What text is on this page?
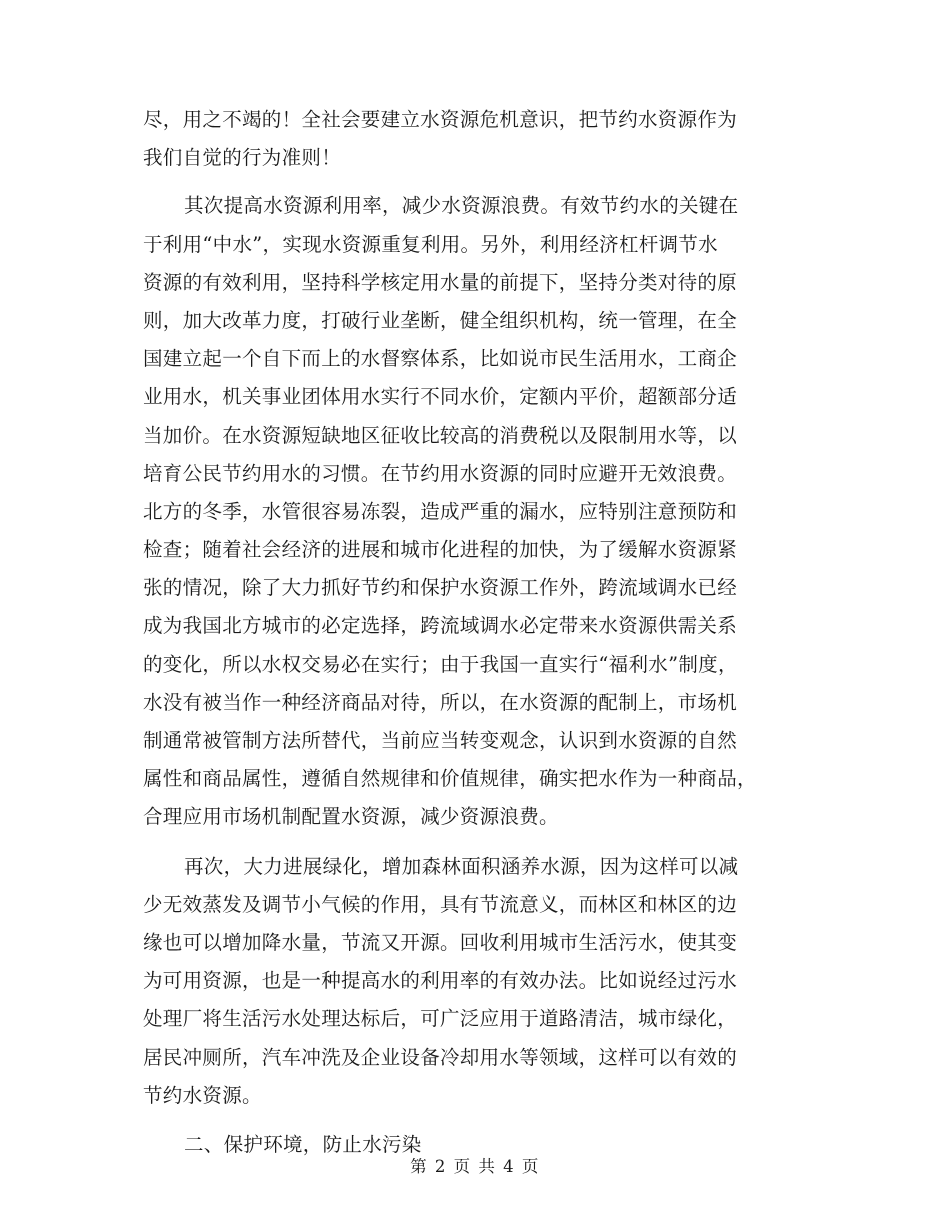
尽，用之不竭的！全社会要建立水资源危机意识，把节约水资源作为
我们自觉的行为准则！
其次提高水资源利用率，减少水资源浪费。有效节约水的关键在
于利用“中水”，实现水资源重复利用。另外，利用经济杠杆调节水
资源的有效利用，坚持科学核定用水量的前提下，坚持分类对待的原
则，加大改革力度，打破行业垄断，健全组织机构，统一管理，在全
国建立起一个自下而上的水督察体系，比如说市民生活用水，工商企
业用水，机关事业团体用水实行不同水价，定额内平价，超额部分适
当加价。在水资源短缺地区征收比较高的消费税以及限制用水等，以
培育公民节约用水的习惯。在节约用水资源的同时应避开无效浪费。
北方的冬季，水管很容易冻裂，造成严重的漏水，应特别注意预防和
检查；随着社会经济的进展和城市化进程的加快，为了缓解水资源紧
张的情况，除了大力抓好节约和保护水资源工作外，跨流域调水已经
成为我国北方城市的必定选择，跨流域调水必定带来水资源供需关系
的变化，所以水权交易必在实行；由于我国一直实行“福利水”制度，
水没有被当作一种经济商品对待，所以，在水资源的配制上，市场机
制通常被管制方法所替代，当前应当转变观念，认识到水资源的自然
属性和商品属性，遵循自然规律和价值规律，确实把水作为一种商品，
合理应用市场机制配置水资源，减少资源浪费。
再次，大力进展绿化，增加森林面积涵养水源，因为这样可以减
少无效蒸发及调节小气候的作用，具有节流意义，而林区和林区的边
缘也可以增加降水量，节流又开源。回收利用城市生活污水，使其变
为可用资源，也是一种提高水的利用率的有效办法。比如说经过污水
处理厂将生活污水处理达标后，可广泛应用于道路清洁，城市绿化，
居民冲厕所，汽车冲洗及企业设备冷却用水等领域，这样可以有效的
节约水资源。
二、保护环境，防止水污染
第 2 页 共 4 页
